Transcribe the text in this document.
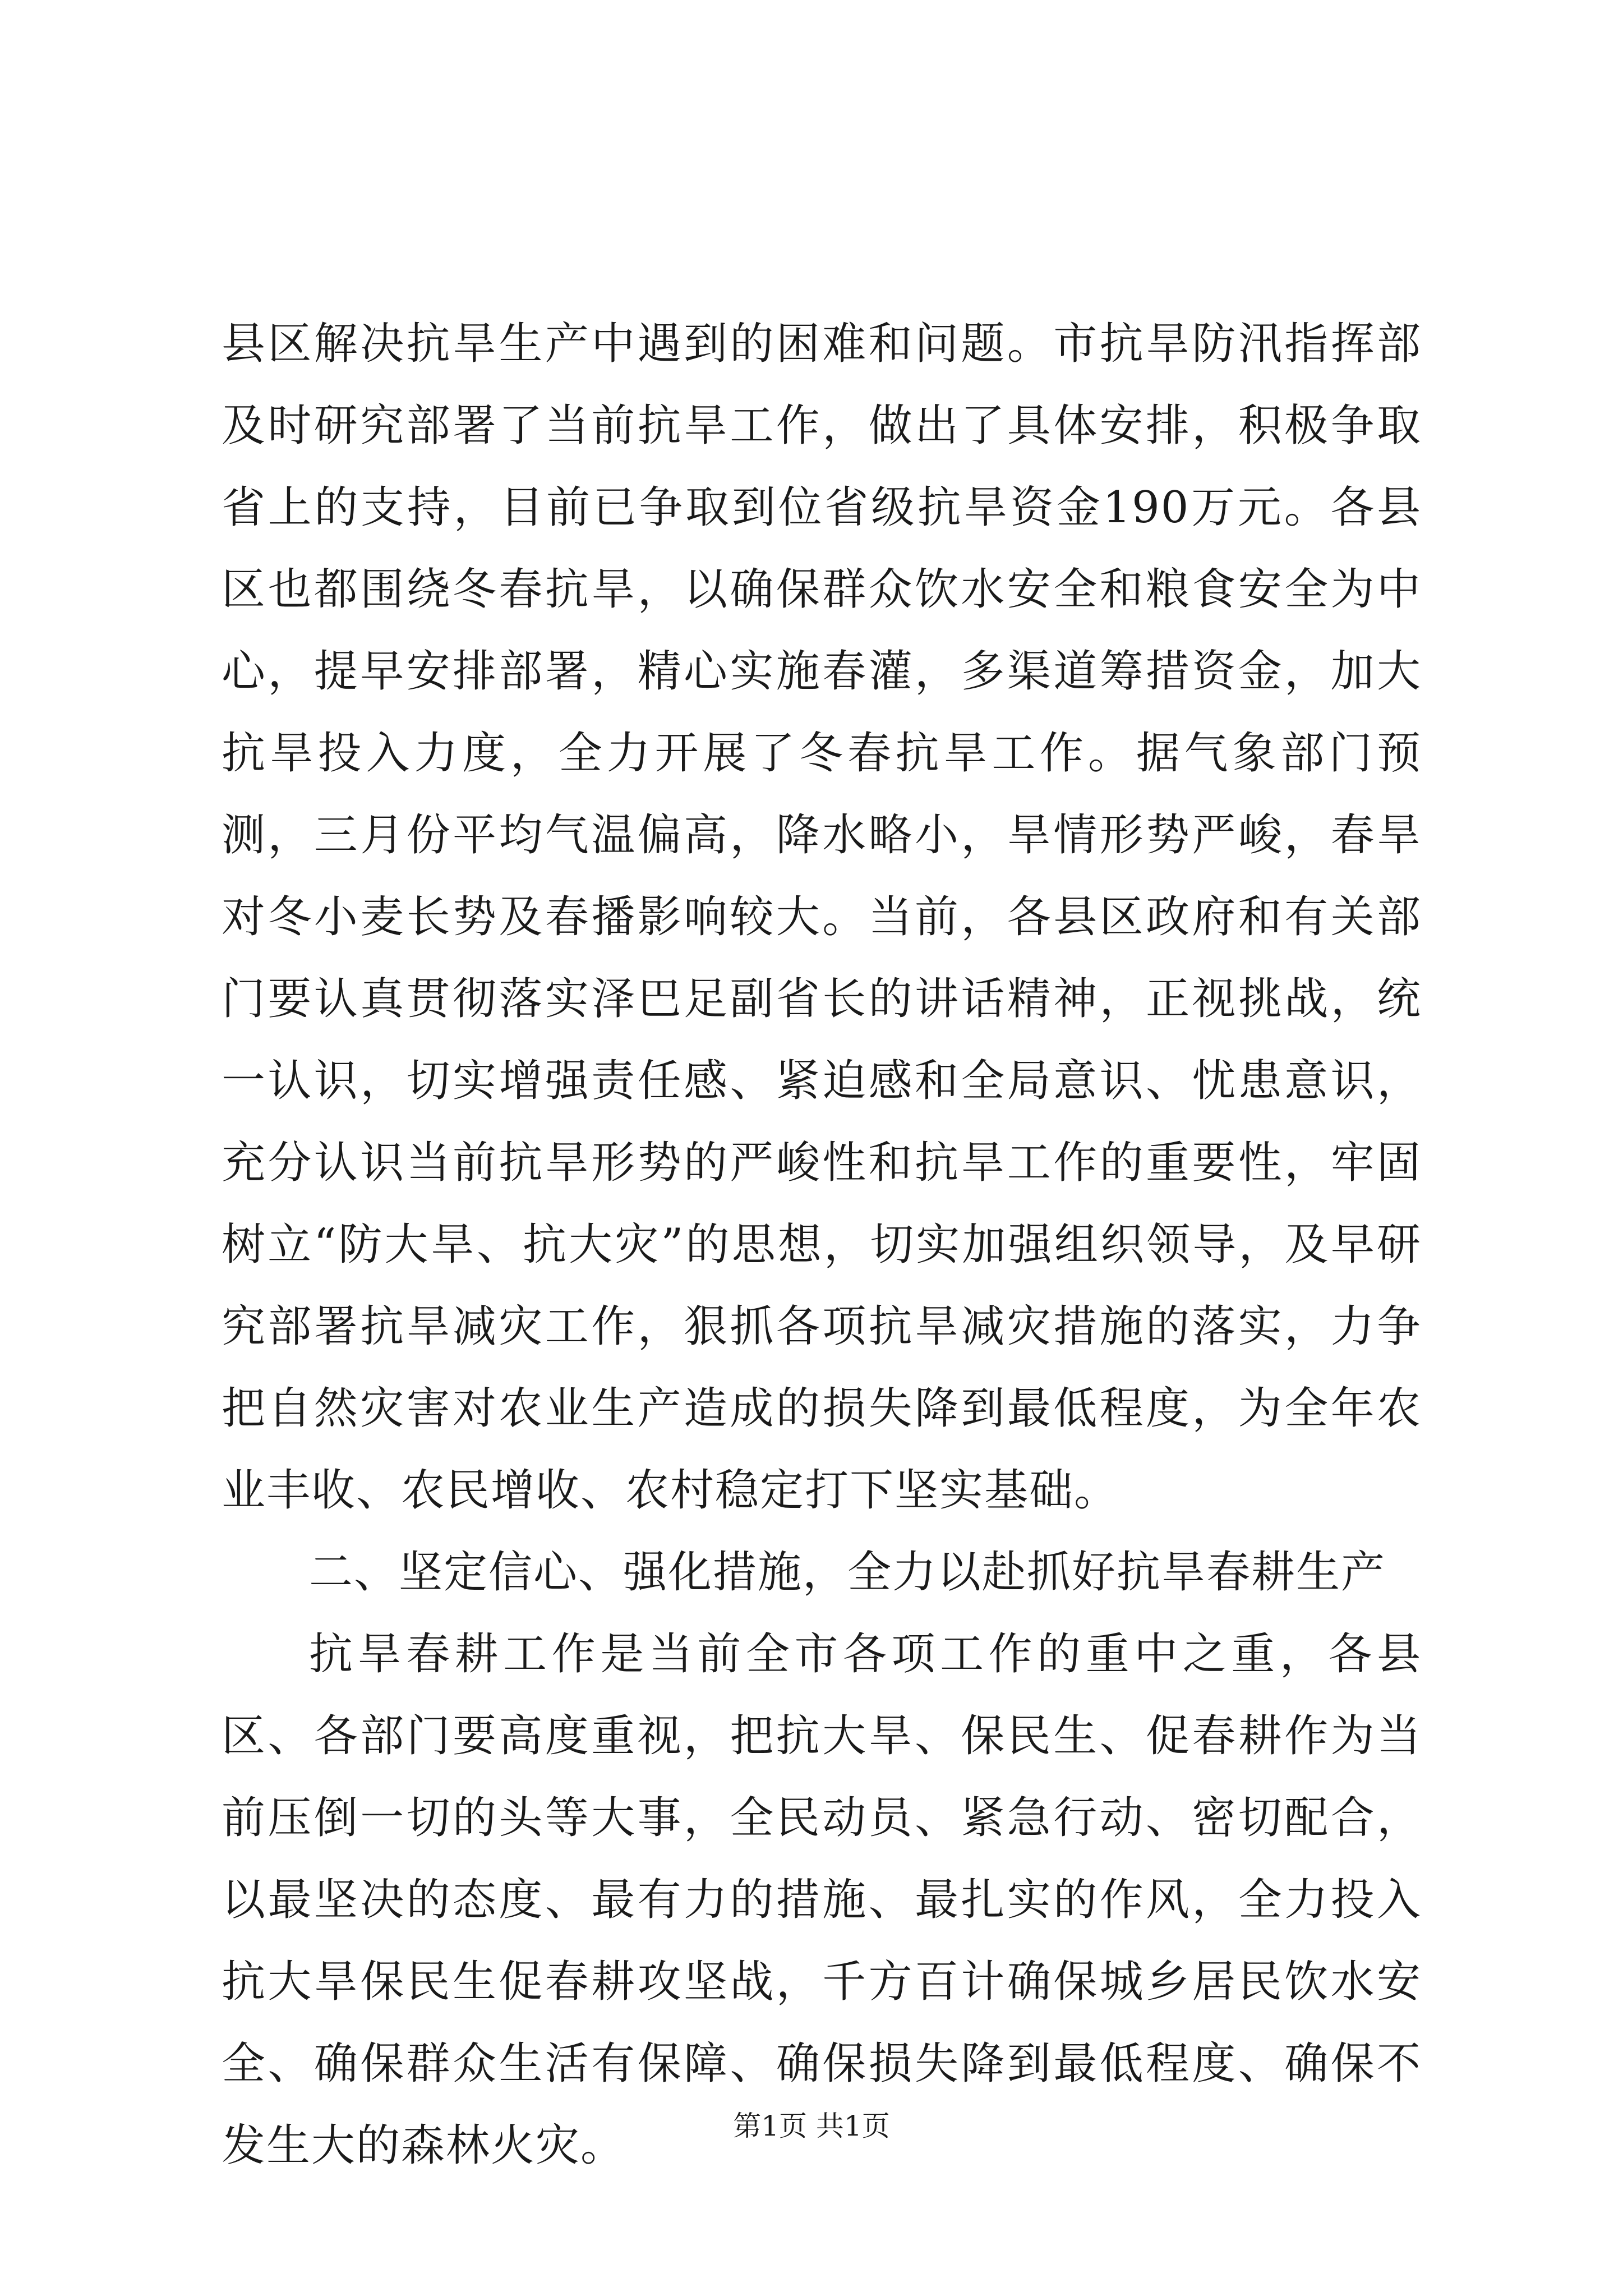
县区解决抗旱生产中遇到的困难和问题。市抗旱防汛指挥部及时研究部署了当前抗旱工作，做出了具体安排，积极争取省上的支持，目前已争取到位省级抗旱资金190万元。各县区也都围绕冬春抗旱，以确保群众饮水安全和粮食安全为中心，提早安排部署，精心实施春灌，多渠道筹措资金，加大抗旱投入力度，全力开展了冬春抗旱工作。据气象部门预测，三月份平均气温偏高，降水略小，旱情形势严峻，春旱对冬小麦长势及春播影响较大。当前，各县区政府和有关部门要认真贯彻落实泽巴足副省长的讲话精神，正视挑战，统一认识，切实增强责任感、紧迫感和全局意识、忧患意识，充分认识当前抗旱形势的严峻性和抗旱工作的重要性，牢固树立“防大旱、抗大灾”的思想，切实加强组织领导，及早研究部署抗旱减灾工作，狠抓各项抗旱减灾措施的落实，力争把自然灾害对农业生产造成的损失降到最低程度，为全年农业丰收、农民增收、农村稳定打下坚实基础。

二、坚定信心、强化措施，全力以赴抓好抗旱春耕生产

抗旱春耕工作是当前全市各项工作的重中之重，各县区、各部门要高度重视，把抗大旱、保民生、促春耕作为当前压倒一切的头等大事，全民动员、紧急行动、密切配合，以最坚决的态度、最有力的措施、最扎实的作风，全力投入抗大旱保民生促春耕攻坚战，千方百计确保城乡居民饮水安全、确保群众生活有保障、确保损失降到最低程度、确保不发生大的森林火灾。	第1页 共1页
